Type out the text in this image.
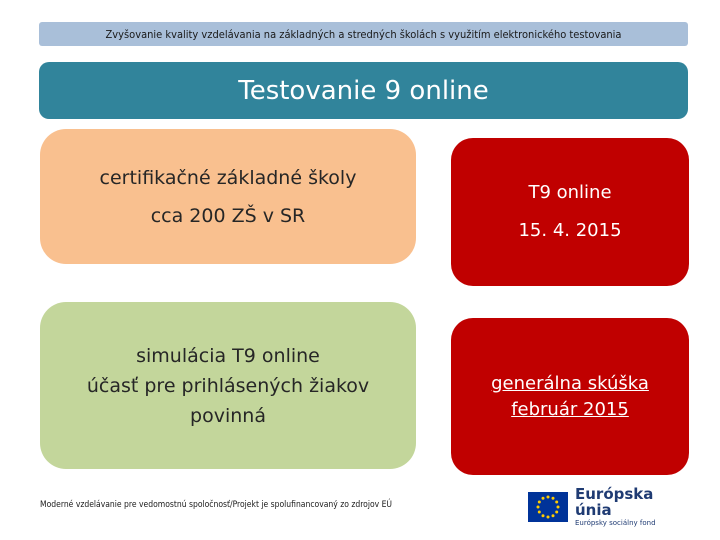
Zvyšovanie kvality vzdelávania na základných a stredných školách s využitím elektronického testovania
Testovanie 9 online
certifikačné základné školy
cca 200 ZŠ v SR
simulácia T9 online
účasť pre prihlásených žiakov
povinná
T9 online
15. 4. 2015
generálna skúška
február 2015
Moderné vzdelávanie pre vedomostnú spoločnosť/Projekt je spolufinancovaný zo zdrojov EÚ
Európska únia
Európsky sociálny fond
